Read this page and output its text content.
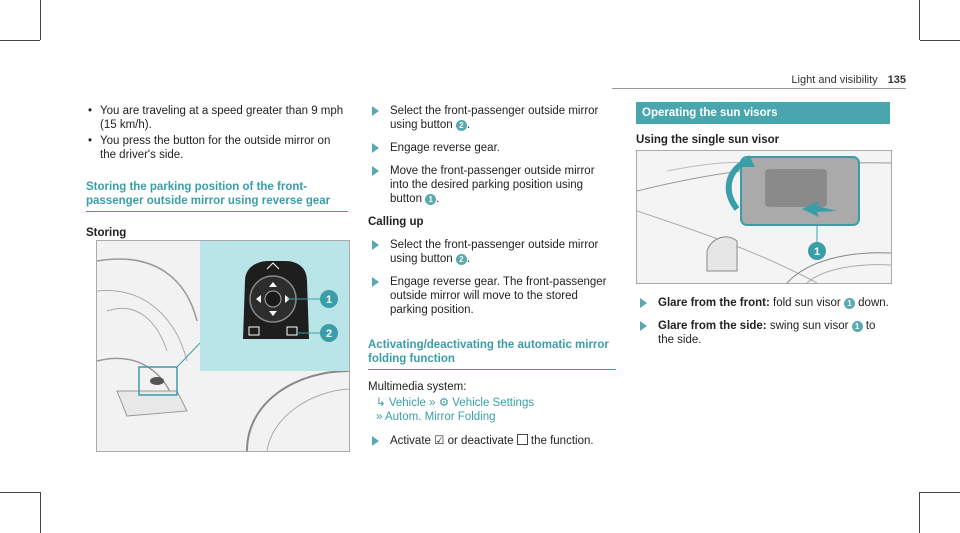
Light and visibility 135
• You are traveling at a speed greater than 9 mph (15 km/h).
• You press the button for the outside mirror on the driver's side.
Storing the parking position of the front-passenger outside mirror using reverse gear
Storing
1
2
Select the front-passenger outside mirror using button 2 .
Engage reverse gear.
Move the front-passenger outside mirror into the desired parking position using button 1 .
Calling up
Select the front-passenger outside mirror using button 2 .
Engage reverse gear. The front-passenger outside mirror will move to the stored parking position.
Activating/deactivating the automatic mirror folding function
Multimedia system:
↳ Vehicle » ⚙ Vehicle Settings
» Autom. Mirror Folding
Activate ☑ or deactivate the function.
Operating the sun visors
Using the single sun visor
1
Glare from the front: fold sun visor 1 down.
Glare from the side: swing sun visor 1 to the side.
